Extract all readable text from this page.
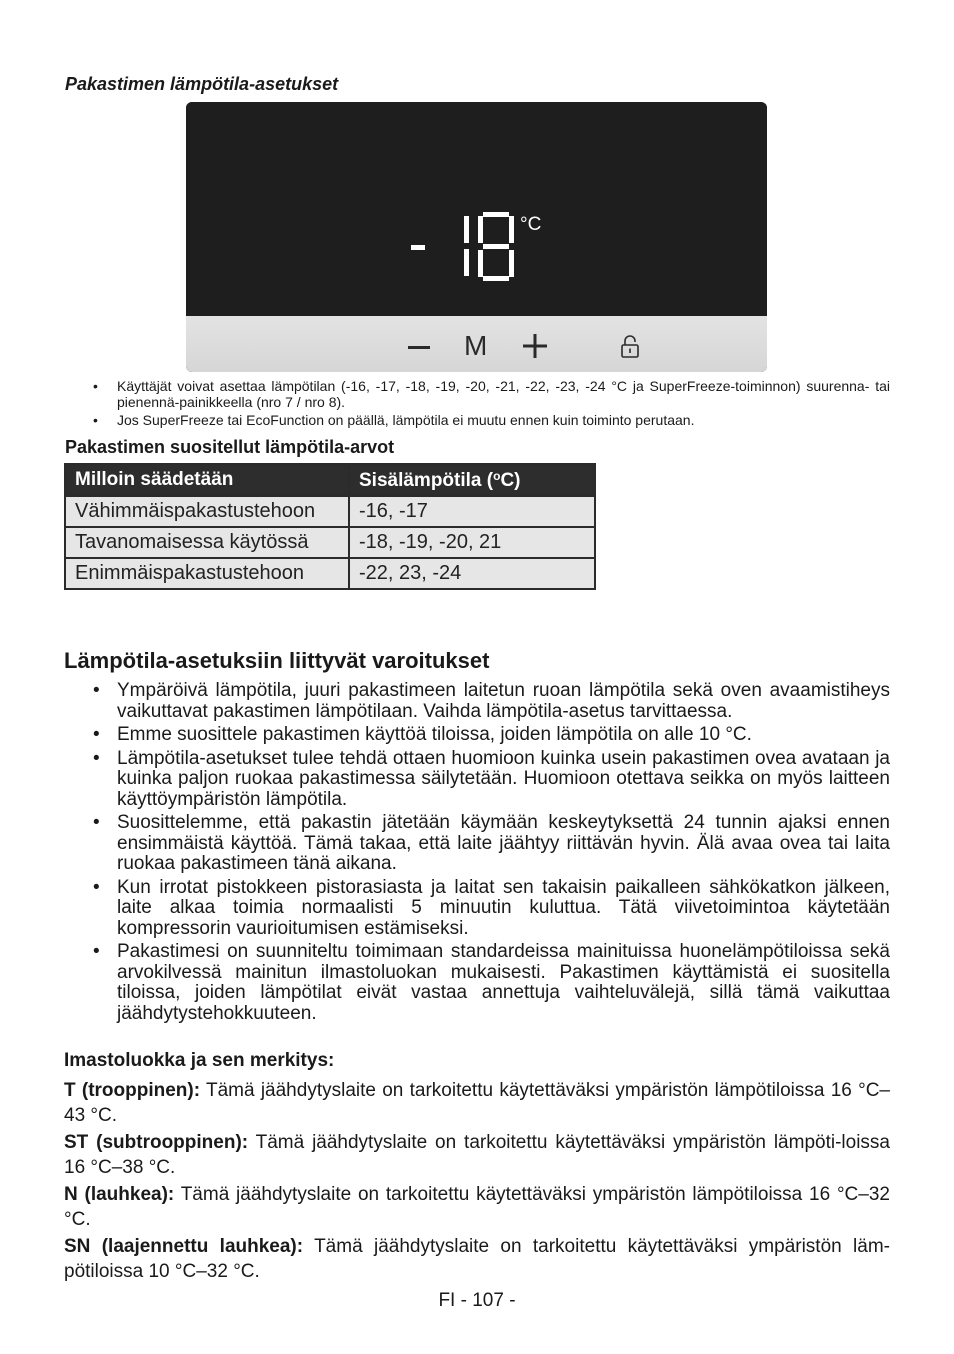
Pakastimen lämpötila-asetukset
°C
M
• Käyttäjät voivat asettaa lämpötilan (-16, -17, -18, -19, -20, -21, -22, -23, -24 °C ja SuperFreeze-toiminnon) suurenna- tai pienennä-painikkeella (nro 7 / nro 8).
• Jos SuperFreeze tai EcoFunction on päällä, lämpötila ei muutu ennen kuin toiminto perutaan.
Pakastimen suositellut lämpötila-arvot
Milloin säädetään	Sisälämpötila ($^o$C)
Vähimmäispakastustehoon	-16, -17
Tavanomaisessa käytössä	-18, -19, -20, 21
Enimmäispakastustehoon	-22, 23, -24
Lämpötila-asetuksiin liittyvät varoitukset
• Ympäröivä lämpötila, juuri pakastimeen laitetun ruoan lämpötila sekä oven avaamistiheys vaikuttavat pakastimen lämpötilaan. Vaihda lämpötila-asetus tarvittaessa.
• Emme suosittele pakastimen käyttöä tiloissa, joiden lämpötila on alle 10 °C.
• Lämpötila-asetukset tulee tehdä ottaen huomioon kuinka usein pakastimen ovea avataan ja kuinka paljon ruokaa pakastimessa säilytetään. Huomioon otettava seikka on myös laitteen käyttöympäristön lämpötila.
• Suosittelemme, että pakastin jätetään käymään keskeytyksettä 24 tunnin ajaksi ennen ensimmäistä käyttöä. Tämä takaa, että laite jäähtyy riittävän hyvin. Älä avaa ovea tai laita ruokaa pakastimeen tänä aikana.
• Kun irrotat pistokkeen pistorasiasta ja laitat sen takaisin paikalleen sähkökatkon jälkeen, laite alkaa toimia normaalisti 5 minuutin kuluttua. Tätä viivetoimintoa käytetään kompressorin vaurioitumisen estämiseksi.
• Pakastimesi on suunniteltu toimimaan standardeissa mainituissa huonelämpötiloissa sekä arvokilvessä mainitun ilmastoluokan mukaisesti. Pakastimen käyttämistä ei suositella tiloissa, joiden lämpötilat eivät vastaa annettuja vaihteluvälejä, sillä tämä vaikuttaa jäähdytystehokkuuteen.
Imastoluokka ja sen merkitys:
T (trooppinen): Tämä jäähdytyslaite on tarkoitettu käytettäväksi ympäristön lämpötiloissa 16 °C–43 °C.
ST (subtrooppinen): Tämä jäähdytyslaite on tarkoitettu käytettäväksi ympäristön lämpöti-loissa 16 °C–38 °C.
N (lauhkea): Tämä jäähdytyslaite on tarkoitettu käytettäväksi ympäristön lämpötiloissa 16 °C–32 °C.
SN (laajennettu lauhkea): Tämä jäähdytyslaite on tarkoitettu käytettäväksi ympäristön läm-pötiloissa 10 °C–32 °C.
FI - 107 -
